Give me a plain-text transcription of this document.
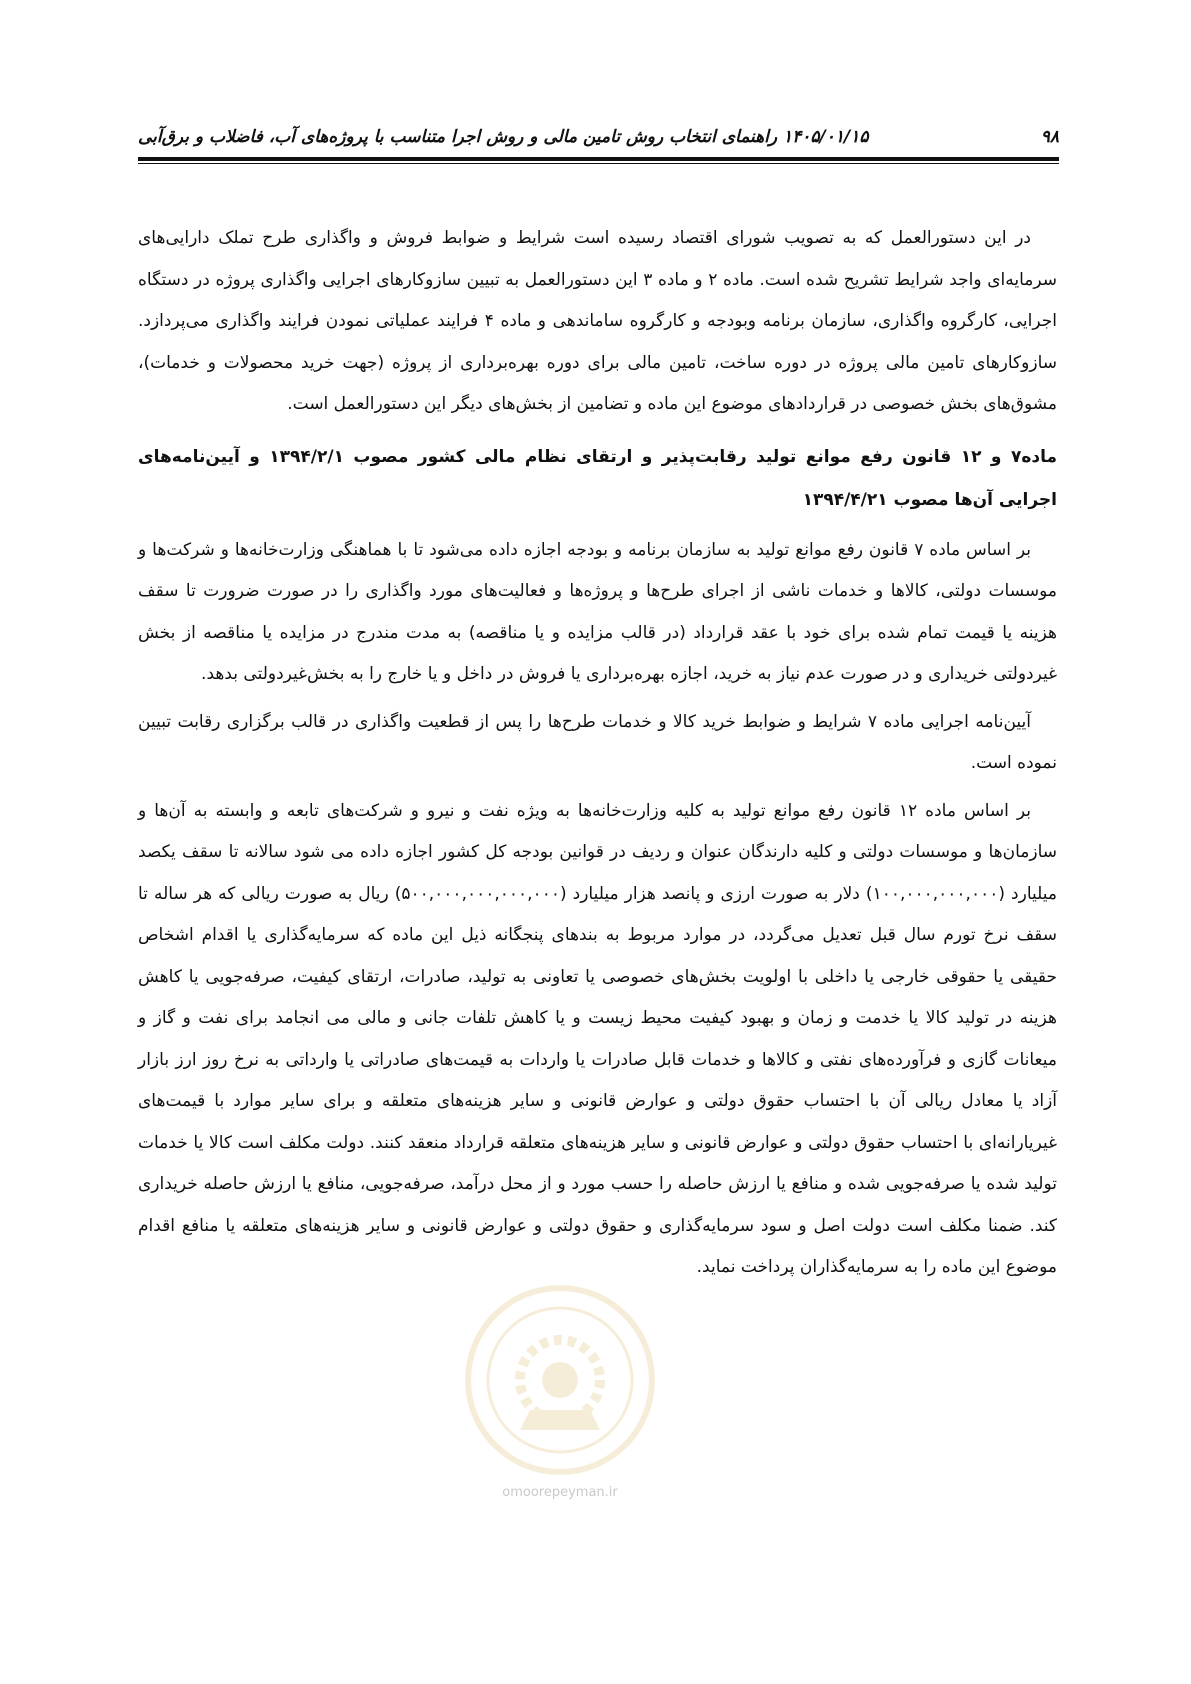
۹۸
۱۴۰۵/۰۱/۱۵ راهنمای انتخاب روش تامین مالی و روش اجرا متناسب با پروژه‌های آب، فاضلاب و برق‌آبی

در این دستورالعمل که به تصویب شورای اقتصاد رسیده است شرایط و ضوابط فروش و واگذاری طرح تملک دارایی‌های سرمایه‌ای واجد شرایط تشریح شده است. ماده ۲ و ماده ۳ این دستورالعمل به تبیین سازوکارهای اجرایی واگذاری پروژه در دستگاه اجرایی، کارگروه واگذاری، سازمان برنامه وبودجه و کارگروه ساماندهی و ماده ۴ فرایند عملیاتی نمودن فرایند واگذاری می‌پردازد. سازوکارهای تامین مالی پروژه در دوره ساخت، تامین مالی برای دوره بهره‌برداری از پروژه (جهت خرید محصولات و خدمات)، مشوق‌های بخش خصوصی در قراردادهای موضوع این ماده و تضامین از بخش‌های دیگر این دستورالعمل است.

ماده۷ و ۱۲ قانون رفع موانع تولید رقابت‌پذیر و ارتقای نظام مالی کشور مصوب ۱۳۹۴/۲/۱ و آیین‌نامه‌های اجرایی آن‌ها مصوب ۱۳۹۴/۴/۲۱

بر اساس ماده ۷ قانون رفع موانع تولید به سازمان برنامه و بودجه اجازه داده می‌شود تا با هماهنگی وزارت‌خانه‌ها و شرکت‌ها و موسسات دولتی، کالاها و خدمات ناشی از اجرای طرح‌ها و پروژه‌ها و فعالیت‌های مورد واگذاری را در صورت ضرورت تا سقف هزینه یا قیمت تمام شده برای خود با عقد قرارداد (در قالب مزایده و یا مناقصه) به مدت مندرج در مزایده یا مناقصه از بخش غیردولتی خریداری و در صورت عدم نیاز به خرید، اجازه بهره‌برداری یا فروش در داخل و یا خارج را به بخش‌غیردولتی بدهد.

آیین‌نامه اجرایی ماده ۷ شرایط و ضوابط خرید کالا و خدمات طرح‌ها را پس از قطعیت واگذاری در قالب برگزاری رقابت تبیین نموده است.

بر اساس ماده ۱۲ قانون رفع موانع تولید به کلیه وزارت‌خانه‌ها به ویژه نفت و نیرو و شرکت‌های تابعه و وابسته به آن‌ها و سازمان‌ها و موسسات دولتی و کلیه دارندگان عنوان و ردیف در قوانین بودجه کل کشور اجازه داده می شود سالانه تا سقف یکصد میلیارد (۱۰۰,۰۰۰,۰۰۰,۰۰۰) دلار به صورت ارزی و پانصد هزار میلیارد (۵۰۰,۰۰۰,۰۰۰,۰۰۰,۰۰۰) ریال به صورت ریالی که هر ساله تا سقف نرخ تورم سال قبل تعدیل می‌گردد، در موارد مربوط به بندهای پنجگانه ذیل این ماده که سرمایه‌گذاری یا اقدام اشخاص حقیقی یا حقوقی خارجی یا داخلی با اولویت بخش‌های خصوصی یا تعاونی به تولید، صادرات، ارتقای کیفیت، صرفه‌جویی یا کاهش هزینه در تولید کالا یا خدمت و زمان و بهبود کیفیت محیط زیست و یا کاهش تلفات جانی و مالی می انجامد برای نفت و گاز و میعانات گازی و فرآورده‌های نفتی و کالاها و خدمات قابل صادرات یا واردات به قیمت‌های صادراتی یا وارداتی به نرخ روز ارز بازار آزاد یا معادل ریالی آن با احتساب حقوق دولتی و عوارض قانونی و سایر هزینه‌های متعلقه و برای سایر موارد با قیمت‌های غیریارانه‌ای با احتساب حقوق دولتی و عوارض قانونی و سایر هزینه‌های متعلقه قرارداد منعقد کنند. دولت مکلف است کالا یا خدمات تولید شده یا صرفه‌جویی شده و منافع یا ارزش حاصله را حسب مورد و از محل درآمد، صرفه‌جویی، منافع یا ارزش حاصله خریداری کند. ضمنا مکلف است دولت اصل و سود سرمایه‌گذاری و حقوق دولتی و عوارض قانونی و سایر هزینه‌های متعلقه یا منافع اقدام موضوع این ماده را به سرمایه‌گذاران پرداخت نماید.

omoorepeyman.ir
